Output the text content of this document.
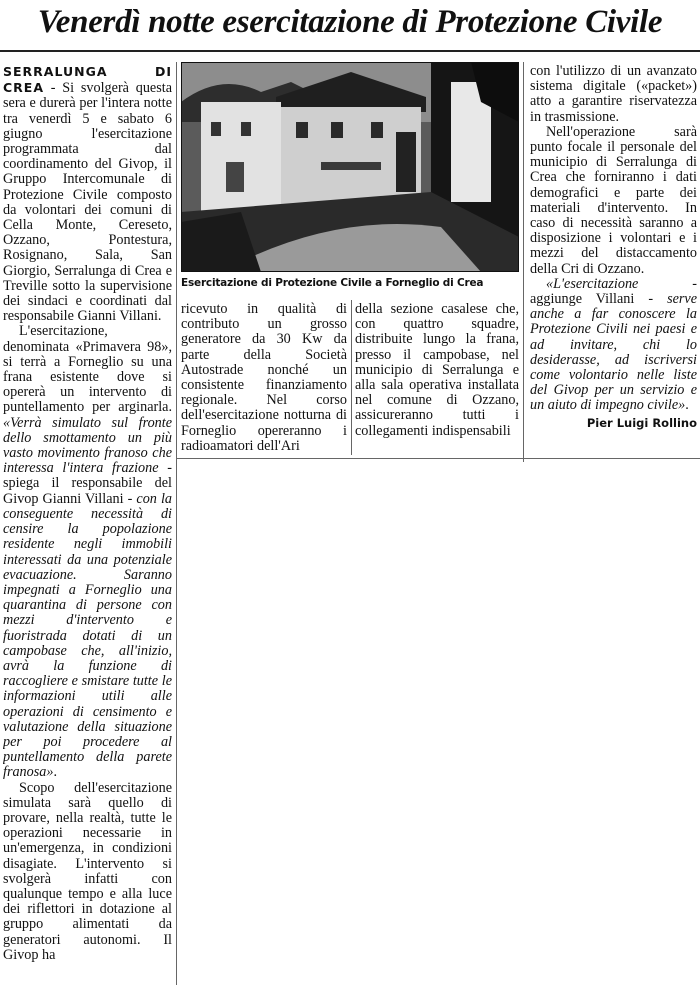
Venerdì notte esercitazione di Protezione Civile

SERRALUNGA DI CREA - Si svolgerà questa sera e durerà per l'intera notte tra venerdì 5 e sabato 6 giugno l'esercitazione programmata dal coordinamento del Givop, il Gruppo Intercomunale di Protezione Civile composto da volontari dei comuni di Cella Monte, Cereseto, Ozzano, Pontestura, Rosignano, Sala, San Giorgio, Serralunga di Crea e Treville sotto la supervisione dei sindaci e coordinati dal responsabile Gianni Villani.

L'esercitazione, denominata «Primavera 98», si terrà a Forneglio su una frana esistente dove si opererà un intervento di puntellamento per arginarla. «Verrà simulato sul fronte dello smottamento un più vasto movimento franoso che interessa l'intera frazione - spiega il responsabile del Givop Gianni Villani - con la conseguente necessità di censire la popolazione residente negli immobili interessati da una potenziale evacuazione. Saranno impegnati a Forneglio una quarantina di persone con mezzi d'intervento e fuoristrada dotati di un campobase che, all'inizio, avrà la funzione di raccogliere e smistare tutte le informazioni utili alle operazioni di censimento e valutazione della situazione per poi procedere al puntellamento della parete franosa».

Scopo dell'esercitazione simulata sarà quello di provare, nella realtà, tutte le operazioni necessarie in un'emergenza, in condizioni disagiate. L'intervento si svolgerà infatti con qualunque tempo e alla luce dei riflettori in dotazione al gruppo alimentati da generatori autonomi. Il Givop ha

Esercitazione di Protezione Civile a Forneglio di Crea

ricevuto in qualità di contributo un grosso generatore da 30 Kw da parte della Società Autostrade nonché un consistente finanziamento regionale. Nel corso dell'esercitazione notturna di Forneglio opereranno i radioamatori dell'Ari

della sezione casalese che, con quattro squadre, distribuite lungo la frana, presso il campobase, nel municipio di Serralunga e alla sala operativa installata nel comune di Ozzano, assicureranno tutti i collegamenti indispensabili

con l'utilizzo di un avanzato sistema digitale («packet») atto a garantire riservatezza in trasmissione.

Nell'operazione sarà punto focale il personale del municipio di Serralunga di Crea che forniranno i dati demografici e parte dei materiali d'intervento. In caso di necessità saranno a disposizione i volontari e i mezzi del distaccamento della Cri di Ozzano.

«L'esercitazione - aggiunge Villani - serve anche a far conoscere la Protezione Civili nei paesi e ad invitare, chi lo desiderasse, ad iscriversi come volontario nelle liste del Givop per un servizio e un aiuto di impegno civile».

Pier Luigi Rollino
